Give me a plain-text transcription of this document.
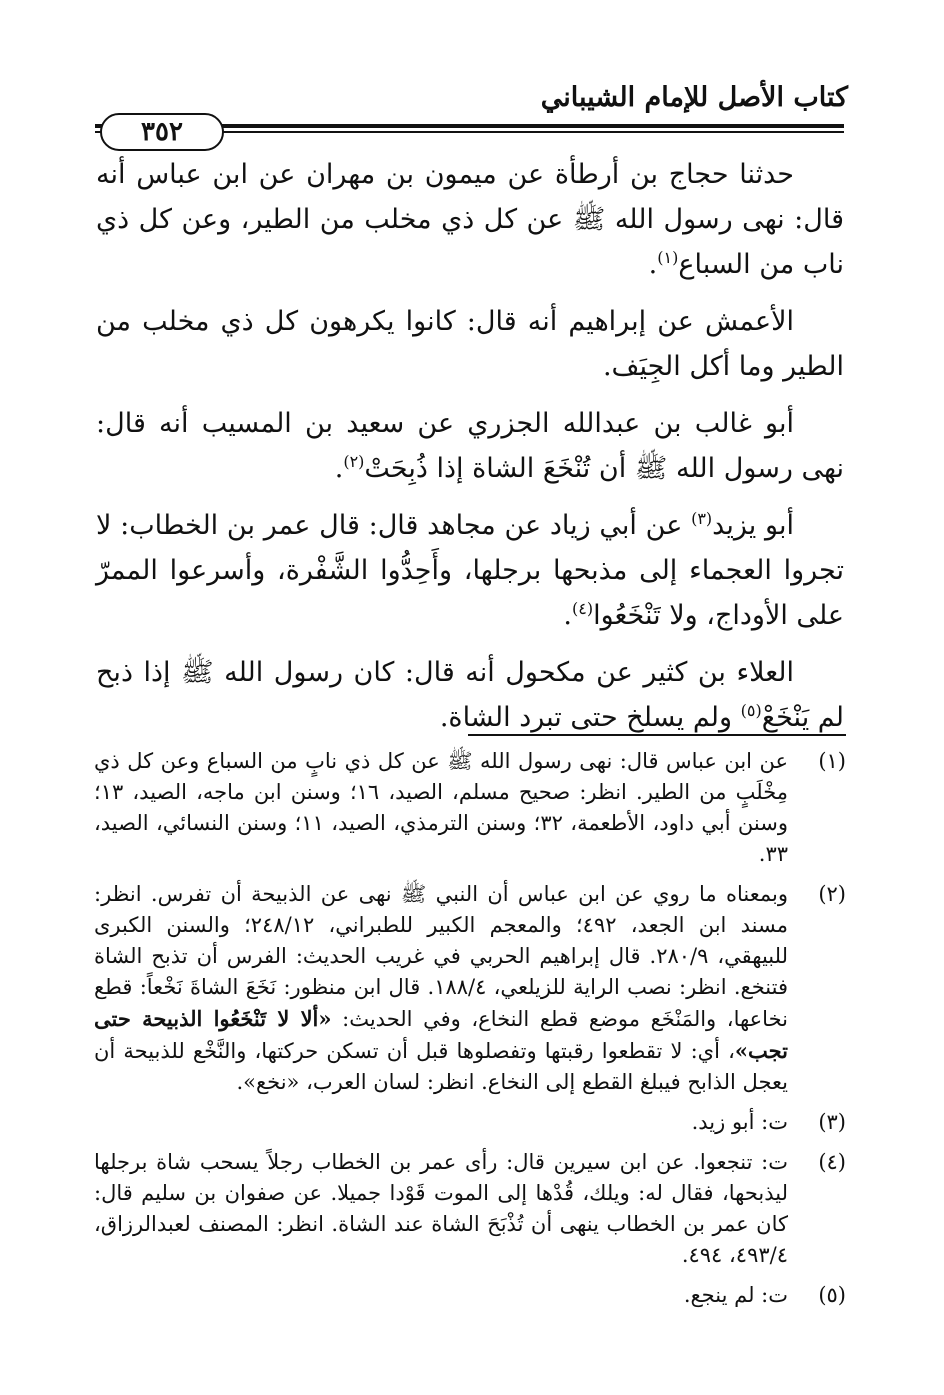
كتاب الأصل للإمام الشيباني
٣٥٢

حدثنا حجاج بن أرطأة عن ميمون بن مهران عن ابن عباس أنه قال: نهى رسول الله ﷺ عن كل ذي مخلب من الطير، وعن كل ذي ناب من السباع$^{(١)}$.

الأعمش عن إبراهيم أنه قال: كانوا يكرهون كل ذي مخلب من الطير وما أكل الجِيَف.

أبو غالب بن عبدالله الجزري عن سعيد بن المسيب أنه قال: نهى رسول الله ﷺ أن تُنْخَعَ الشاة إذا ذُبِحَتْ$^{(٢)}$.

أبو يزيد$^{(٣)}$ عن أبي زياد عن مجاهد قال: قال عمر بن الخطاب: لا تجروا العجماء إلى مذبحها برجلها، وأَحِدُّوا الشَّفْرة، وأسرعوا الممرّ على الأوداج، ولا تَنْخَعُوا$^{(٤)}$.

العلاء بن كثير عن مكحول أنه قال: كان رسول الله ﷺ إذا ذبح لم يَنْخَعْ$^{(٥)}$ ولم يسلخ حتى تبرد الشاة.

(١)
عن ابن عباس قال: نهى رسول الله ﷺ عن كل ذي نابٍ من السباع وعن كل ذي مِخْلَبٍ من الطير. انظر: صحيح مسلم، الصيد، ١٦؛ وسنن ابن ماجه، الصيد، ١٣؛ وسنن أبي داود، الأطعمة، ٣٢؛ وسنن الترمذي، الصيد، ١١؛ وسنن النسائي، الصيد، ٣٣.
(٢)
وبمعناه ما روي عن ابن عباس أن النبي ﷺ نهى عن الذبيحة أن تفرس. انظر: مسند ابن الجعد، ٤٩٢؛ والمعجم الكبير للطبراني، ٢٤٨/١٢؛ والسنن الكبرى للبيهقي، ٢٨٠/٩. قال إبراهيم الحربي في غريب الحديث: الفرس أن تذبح الشاة فتنخع. انظر: نصب الراية للزيلعي، ١٨٨/٤. قال ابن منظور: نَخَعَ الشاةَ نَخْعاً: قطع نخاعها، والمَنْخَع موضع قطع النخاع، وفي الحديث: «ألا لا تَنْخَعُوا الذبيحة حتى تجب»، أي: لا تقطعوا رقبتها وتفصلوها قبل أن تسكن حركتها، والنَّخْع للذبيحة أن يعجل الذابح فيبلغ القطع إلى النخاع. انظر: لسان العرب، «نخع».
(٣)
ت: أبو زيد.
(٤)
ت: تنجعوا. عن ابن سيرين قال: رأى عمر بن الخطاب رجلاً يسحب شاة برجلها ليذبحها، فقال له: ويلك، قُدْها إلى الموت قَوْدا جميلا. عن صفوان بن سليم قال: كان عمر بن الخطاب ينهى أن تُذْبَحَ الشاة عند الشاة. انظر: المصنف لعبدالرزاق، ٤٩٣/٤، ٤٩٤.
(٥)
ت: لم ينجع.
